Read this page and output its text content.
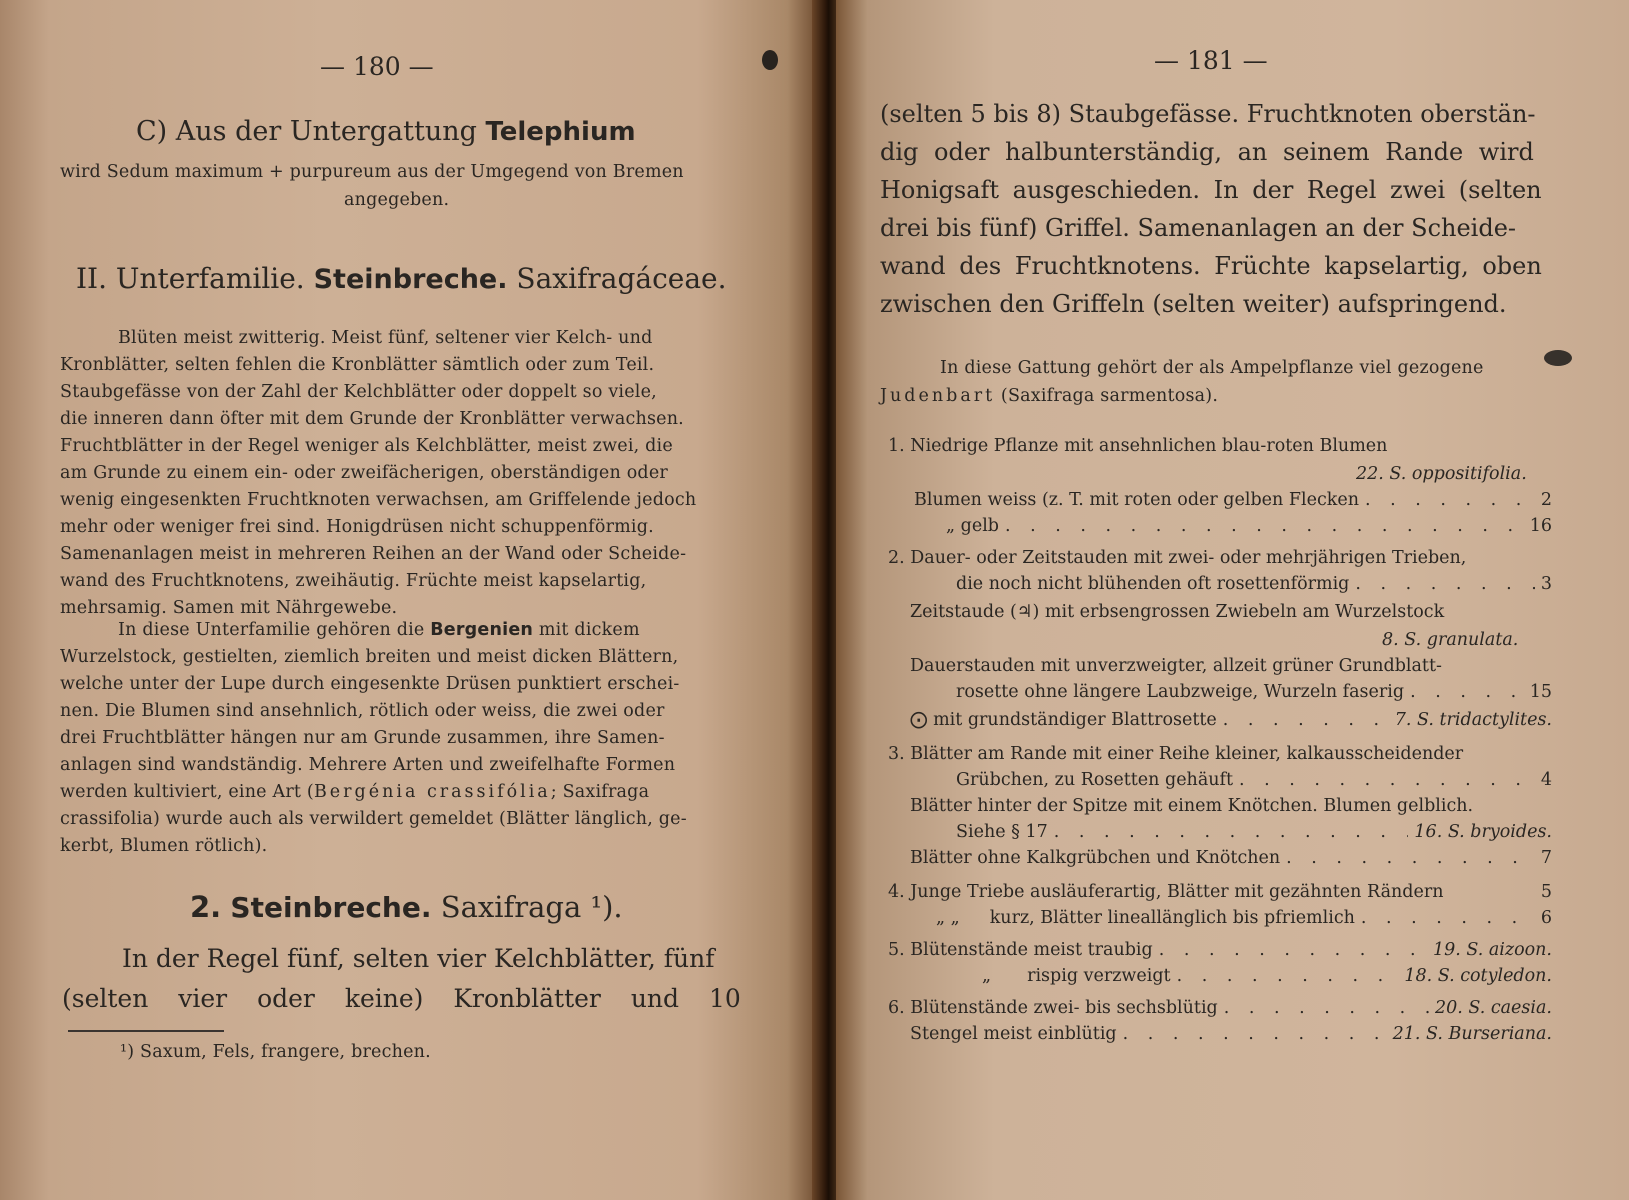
— 180 —
C) Aus der Untergattung Telephium
wird Sedum maximum + purpureum aus der Umgegend von Bremen
angegeben.
II. Unterfamilie. Steinbreche. Saxifragáceae.
Blüten meist zwitterig. Meist fünf, seltener vier Kelch- und
Kronblätter, selten fehlen die Kronblätter sämtlich oder zum Teil.
Staubgefässe von der Zahl der Kelchblätter oder doppelt so viele,
die inneren dann öfter mit dem Grunde der Kronblätter verwachsen.
Fruchtblätter in der Regel weniger als Kelchblätter, meist zwei, die
am Grunde zu einem ein- oder zweifächerigen, oberständigen oder
wenig eingesenkten Fruchtknoten verwachsen, am Griffelende jedoch
mehr oder weniger frei sind. Honigdrüsen nicht schuppenförmig.
Samenanlagen meist in mehreren Reihen an der Wand oder Scheide-
wand des Fruchtknotens, zweihäutig. Früchte meist kapselartig,
mehrsamig. Samen mit Nährgewebe.
In diese Unterfamilie gehören die Bergenien mit dickem
Wurzelstock, gestielten, ziemlich breiten und meist dicken Blättern,
welche unter der Lupe durch eingesenkte Drüsen punktiert erschei-
nen. Die Blumen sind ansehnlich, rötlich oder weiss, die zwei oder
drei Fruchtblätter hängen nur am Grunde zusammen, ihre Samen-
anlagen sind wandständig. Mehrere Arten und zweifelhafte Formen
werden kultiviert, eine Art (Bergénia crassifólia; Saxifraga
crassifolia) wurde auch als verwildert gemeldet (Blätter länglich, ge-
kerbt, Blumen rötlich).
2. Steinbreche. Saxifraga ¹).
In der Regel fünf, selten vier Kelchblätter, fünf
(selten vier oder keine) Kronblätter und 10
¹) Saxum, Fels, frangere, brechen.
— 181 —
(selten 5 bis 8) Staubgefässe. Fruchtknoten oberstän-
dig oder halbunterständig, an seinem Rande wird
Honigsaft ausgeschieden. In der Regel zwei (selten
drei bis fünf) Griffel. Samenanlagen an der Scheide-
wand des Fruchtknotens. Früchte kapselartig, oben
zwischen den Griffeln (selten weiter) aufspringend.
In diese Gattung gehört der als Ampelpflanze viel gezogene
Judenbart (Saxifraga sarmentosa).
1. Niedrige Pflanze mit ansehnlichen blau-roten Blumen
22. S. oppositifolia.
Blumen weiss (z. T. mit roten oder gelben Flecken . . .	2
„ gelb . . .	16
2. Dauer- oder Zeitstauden mit zwei- oder mehrjährigen Trieben,
die noch nicht blühenden oft rosettenförmig . . .	3
Zeitstaude (♃) mit erbsengrossen Zwiebeln am Wurzelstock
8. S. granulata.
Dauerstauden mit unverzweigter, allzeit grüner Grundblatt-
rosette ohne längere Laubzweige, Wurzeln faserig . . .	15
⨀ mit grundständiger Blattrosette . . .	7. S. tridactylites.
3. Blätter am Rande mit einer Reihe kleiner, kalkausscheidender
Grübchen, zu Rosetten gehäuft . . .	4
Blätter hinter der Spitze mit einem Knötchen. Blumen gelblich.
Siehe § 17 . . .	16. S. bryoides.
Blätter ohne Kalkgrübchen und Knötchen . . .	7
4. Junge Triebe ausläuferartig, Blätter mit gezähnten Rändern	5
„ „ kurz, Blätter lineallänglich bis pfriemlich . . .	6
5. Blütenstände meist traubig . . .	19. S. aizoon.
„ rispig verzweigt . . .	18. S. cotyledon.
6. Blütenstände zwei- bis sechsblütig . . .	20. S. caesia.
Stengel meist einblütig . . .	21. S. Burseriana.
